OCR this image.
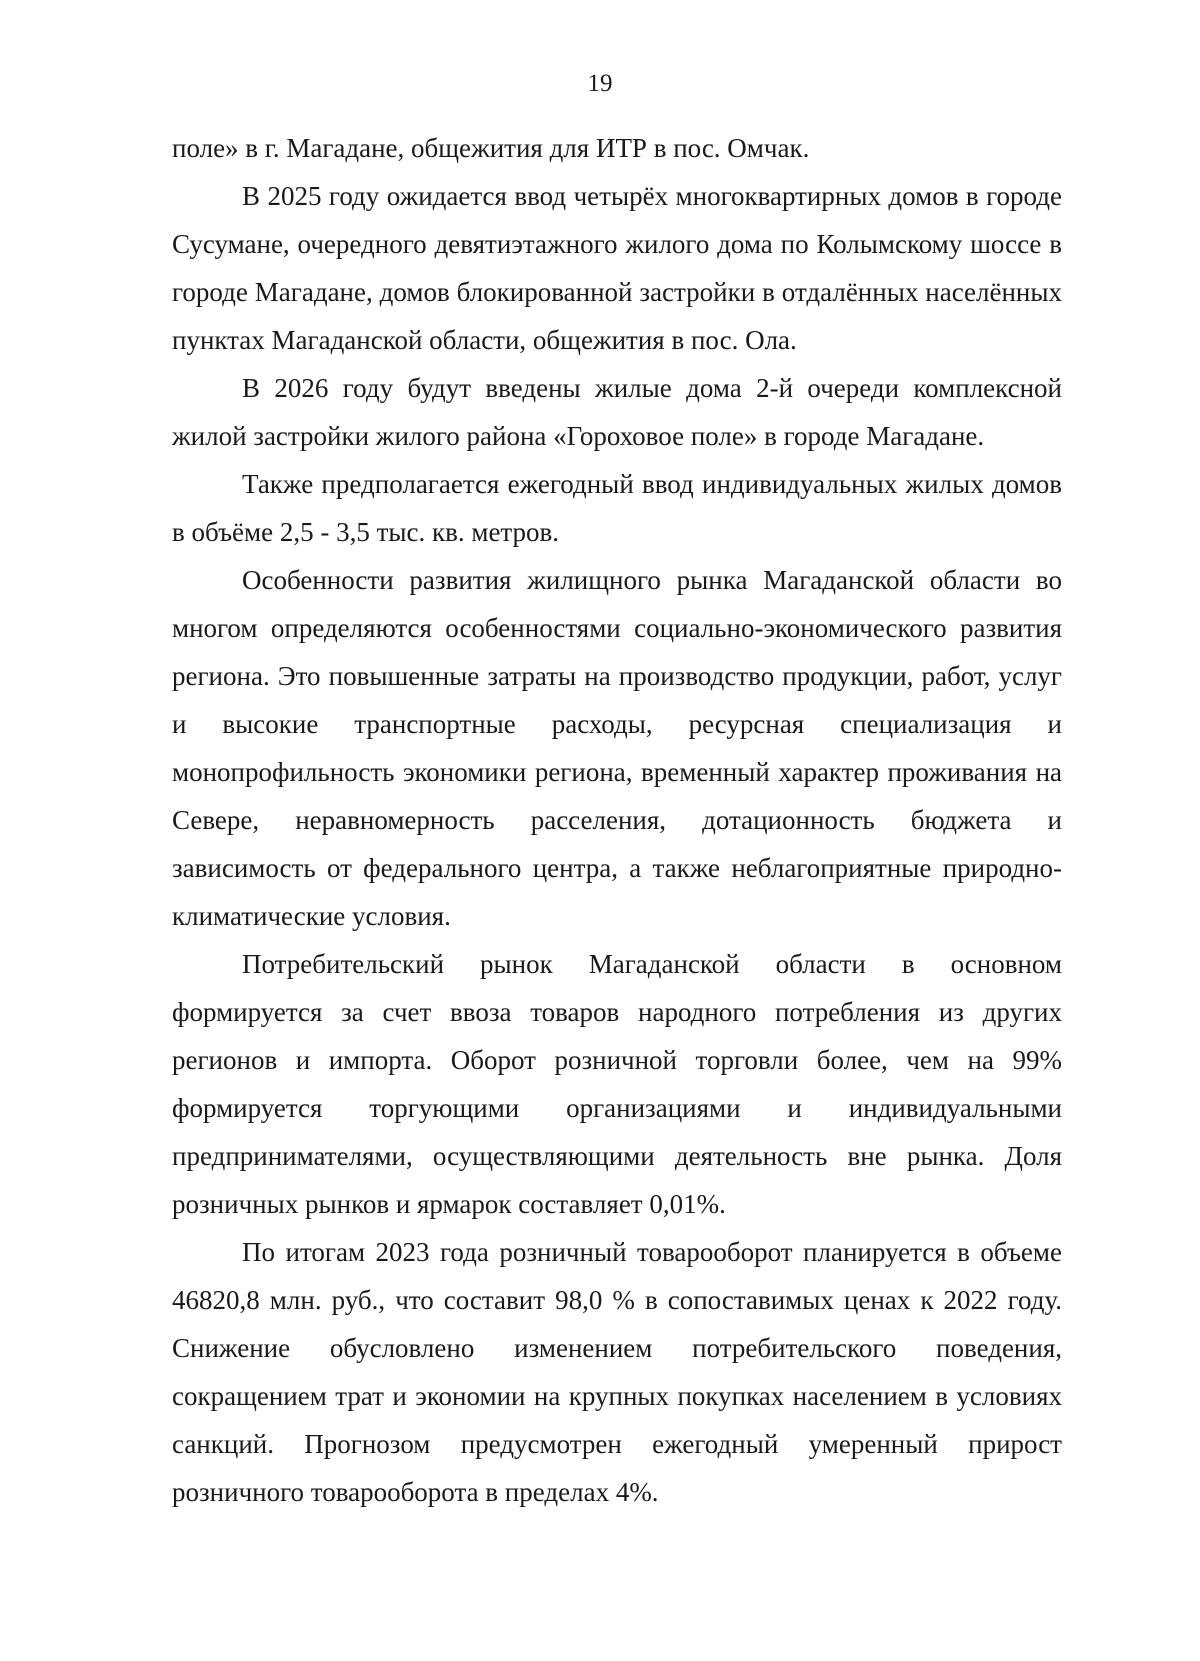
19

поле» в г. Магадане, общежития для ИТР в пос. Омчак.

В 2025 году ожидается ввод четырёх многоквартирных домов в городе Сусумане, очередного девятиэтажного жилого дома по Колымскому шоссе в городе Магадане, домов блокированной застройки в отдалённых населённых пунктах Магаданской области, общежития в пос. Ола.

В 2026 году будут введены жилые дома 2-й очереди комплексной жилой застройки жилого района «Гороховое поле» в городе Магадане.

Также предполагается ежегодный ввод индивидуальных жилых домов в объёме 2,5 - 3,5 тыс. кв. метров.

Особенности развития жилищного рынка Магаданской области во многом определяются особенностями социально-экономического развития региона. Это повышенные затраты на производство продукции, работ, услуг и высокие транспортные расходы, ресурсная специализация и монопрофильность экономики региона, временный характер проживания на Севере, неравномерность расселения, дотационность бюджета и зависимость от федерального центра, а также неблагоприятные природно-климатические условия.

Потребительский рынок Магаданской области в основном формируется за счет ввоза товаров народного потребления из других регионов и импорта. Оборот розничной торговли более, чем на 99% формируется торгующими организациями и индивидуальными предпринимателями, осуществляющими деятельность вне рынка. Доля розничных рынков и ярмарок составляет 0,01%.

По итогам 2023 года розничный товарооборот планируется в объеме 46820,8 млн. руб., что составит 98,0 % в сопоставимых ценах к 2022 году. Снижение обусловлено изменением потребительского поведения, сокращением трат и экономии на крупных покупках населением в условиях санкций. Прогнозом предусмотрен ежегодный умеренный прирост розничного товарооборота в пределах 4%.
